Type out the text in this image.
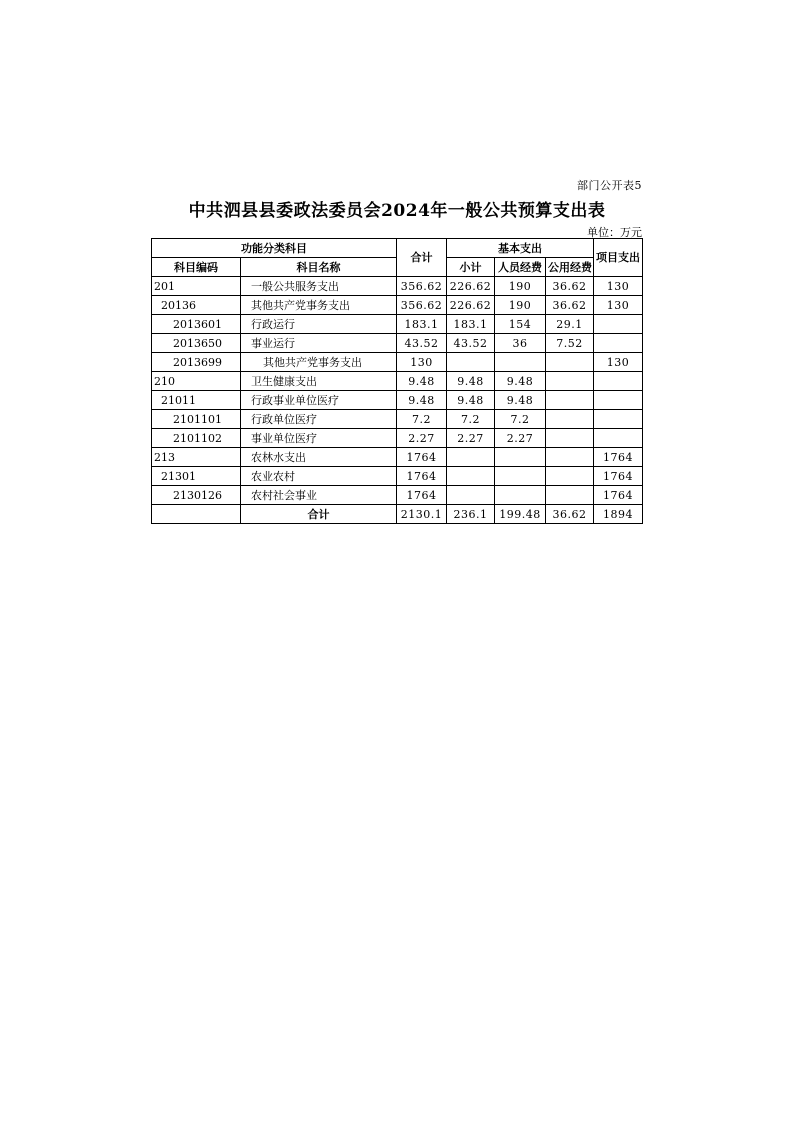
部门公开表5
中共泗县县委政法委员会2024年一般公共预算支出表
单位：万元
功能分类科目		合计	基本支出			项目支出
科目编码	科目名称		小计	人员经费	公用经费	
201	一般公共服务支出	356.62	226.62	190	36.62	130
20136	其他共产党事务支出	356.62	226.62	190	36.62	130
2013601	行政运行	183.1	183.1	154	29.1	
2013650	事业运行	43.52	43.52	36	7.52	
2013699	其他共产党事务支出	130				130
210	卫生健康支出	9.48	9.48	9.48		
21011	行政事业单位医疗	9.48	9.48	9.48		
2101101	行政单位医疗	7.2	7.2	7.2		
2101102	事业单位医疗	2.27	2.27	2.27		
213	农林水支出	1764				1764
21301	农业农村	1764				1764
2130126	农村社会事业	1764				1764
	合计	2130.1	236.1	199.48	36.62	1894
